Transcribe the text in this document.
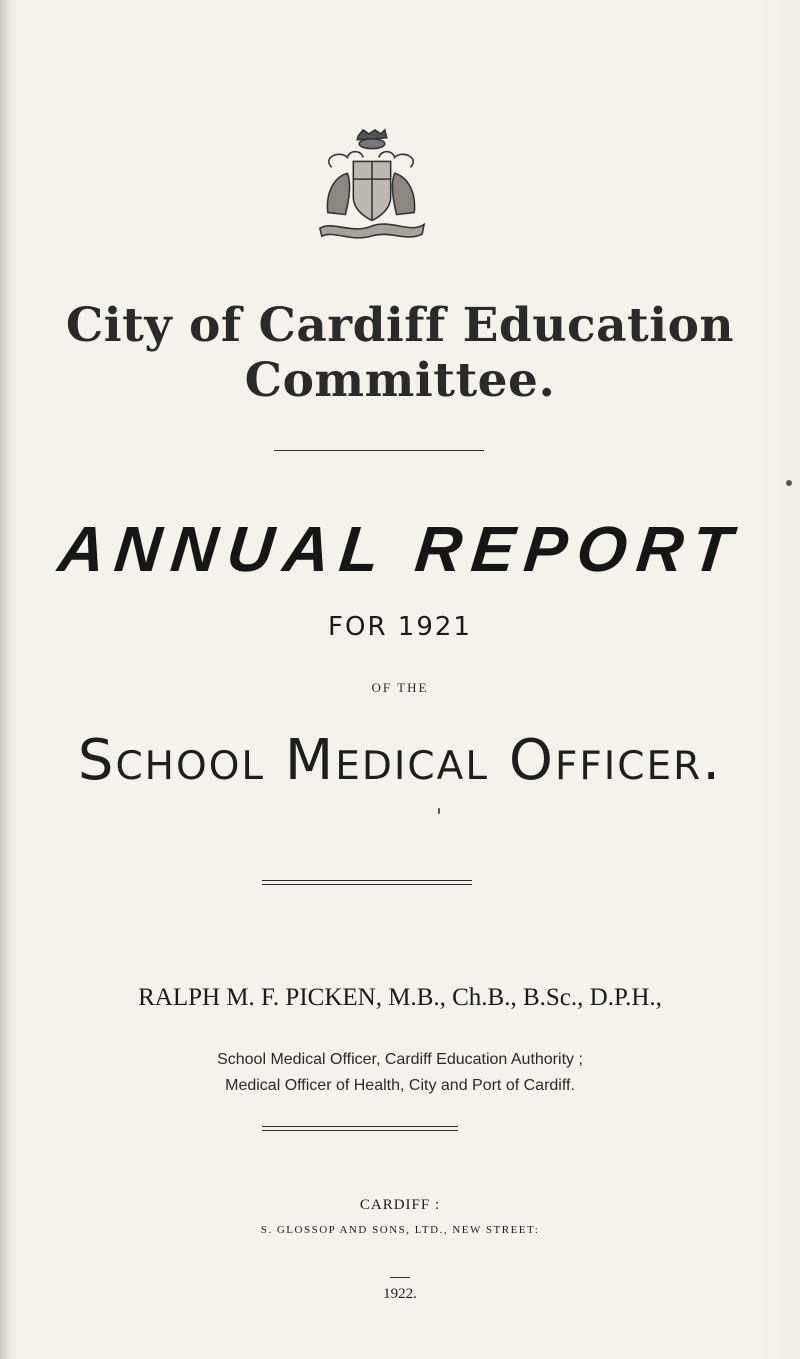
City of Cardiff Education Committee.
ANNUAL REPORT
FOR 1921
OF THE
School Medical Officer.
RALPH M. F. PICKEN, M.B., Ch.B., B.Sc., D.P.H.,
School Medical Officer, Cardiff Education Authority ;
Medical Officer of Health, City and Port of Cardiff.
CARDIFF :
S. GLOSSOP AND SONS, LTD., NEW STREET:
1922.
